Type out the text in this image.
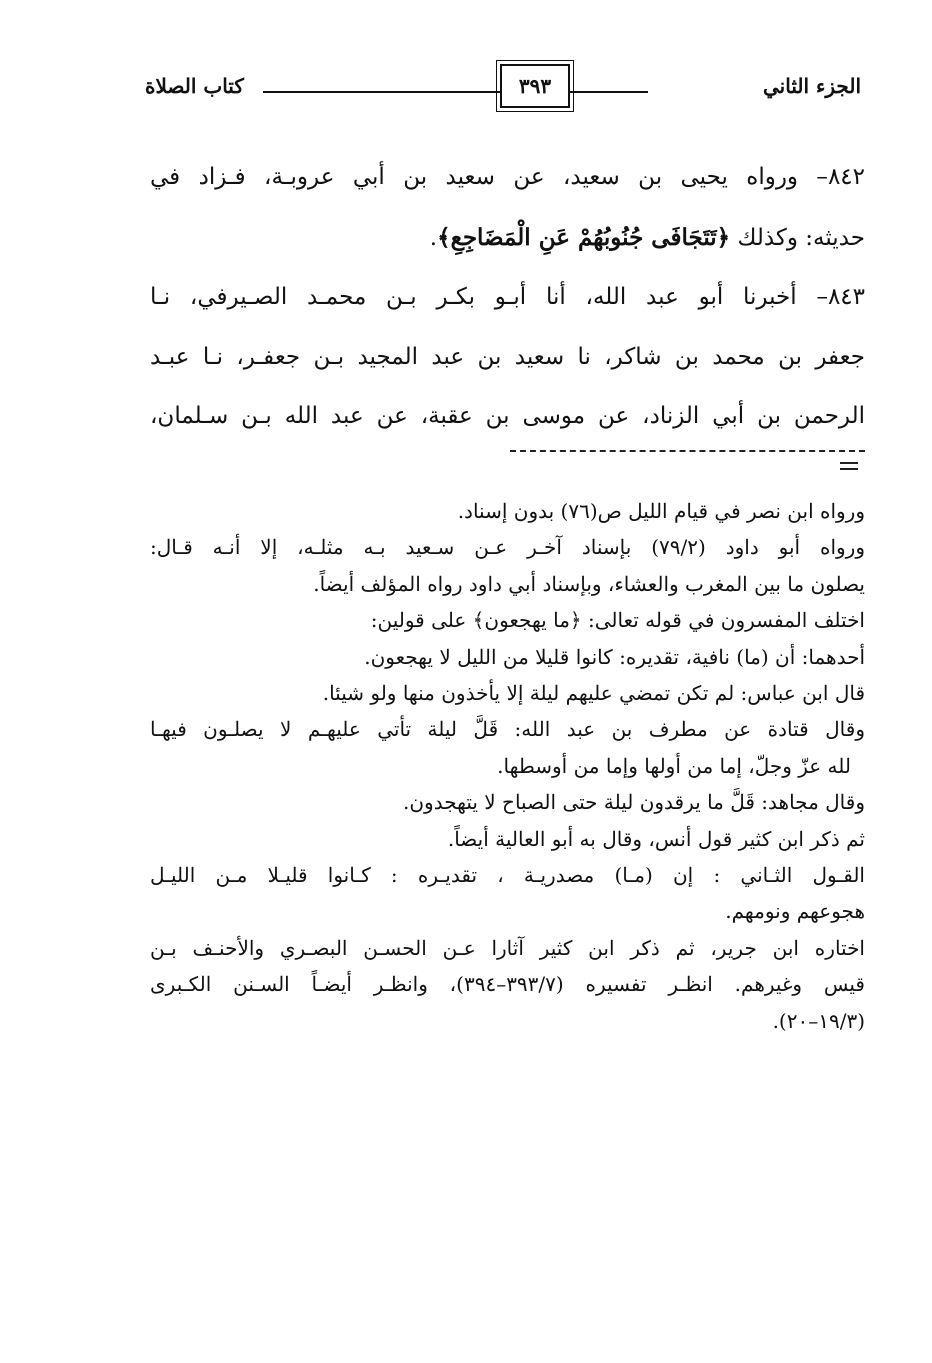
الجزء الثاني
٣٩٣
كتاب الصلاة

٨٤٢– ورواه يحيى بن سعيد، عن سعيد بن أبي عروبـة، فـزاد في

حديثه: وكذلك ﴿تَتَجَافَى جُنُوبُهُمْ عَنِ الْمَضَاجِعِ﴾.

٨٤٣– أخبرنا أبو عبد الله، أنا أبـو بكـر بـن محمـد الصـيرفي، نـا

جعفر بن محمد بن شاكر، نا سعيد بن عبد المجيد بـن جعفـر، نـا عبـد

الرحمن بن أبي الزناد، عن موسى بن عقبة، عن عبد الله بـن سـلمان،

ورواه ابن نصر في قيام الليل ص(٧٦) بدون إسناد.

ورواه أبو داود (٧٩/٢) بإسناد آخـر عـن سـعيد بـه مثلـه، إلا أنـه قـال:

يصلون ما بين المغرب والعشاء، وبإسناد أبي داود رواه المؤلف أيضاً.

اختلف المفسرون في قوله تعالى: ﴿ما يهجعون﴾ على قولين:

أحدهما: أن (ما) نافية، تقديره: كانوا قليلا من الليل لا يهجعون.

قال ابن عباس: لم تكن تمضي عليهم ليلة إلا يأخذون منها ولو شيئا.

وقال قتادة عن مطرف بن عبد الله: قَلَّ ليلة تأتي عليهـم لا يصلـون فيهـا

لله عزّ وجلّ، إما من أولها وإما من أوسطها.

وقال مجاهد: قَلَّ ما يرقدون ليلة حتى الصباح لا يتهجدون.

ثم ذكر ابن كثير قول أنس، وقال به أبو العالية أيضاً.

القـول الثـاني : إن (مـا) مصدريـة ، تقديـره : كـانوا قليـلا مـن الليـل

هجوعهم ونومهم.

اختاره ابن جرير، ثم ذكر ابن كثير آثارا عـن الحسـن البصـري والأحنـف بـن

قيس وغيرهم. انظـر تفسيره (٣٩٣/٧–٣٩٤)، وانظـر أيضـاً السـنن الكـبرى

(١٩/٣–٢٠).
